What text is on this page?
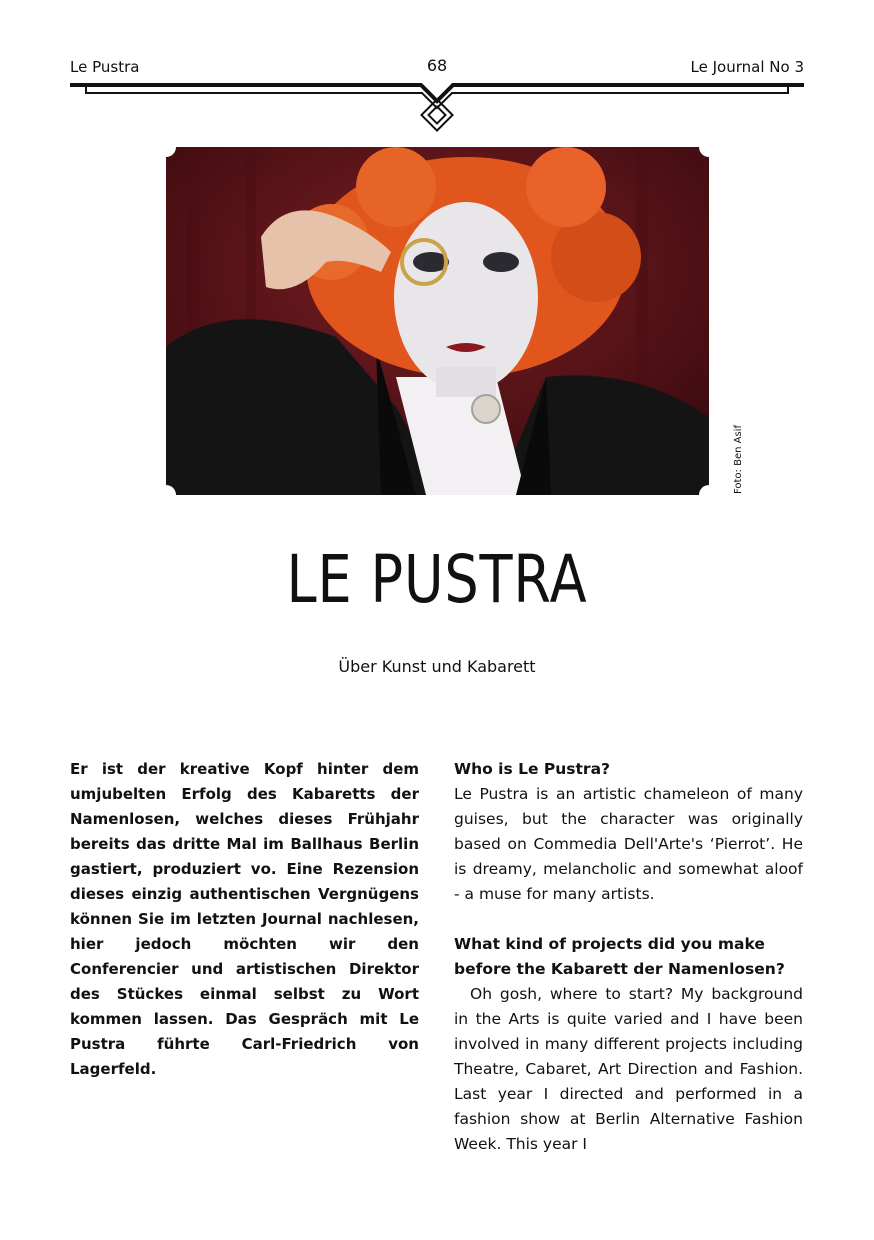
Le Pustra	68	Le Journal No 3
Foto: Ben Asif
LE PUSTRA
Über Kunst und Kabarett
Er ist der kreative Kopf hinter dem umjubelten Erfolg des Kabaretts der Namenlosen, welches dieses Frühjahr bereits das dritte Mal im Ballhaus Berlin gastiert, produziert vo. Eine Rezension dieses einzig authentischen Vergnügens können Sie im letzten Journal nachlesen, hier jedoch möchten wir den Conferencier und artistischen Direktor des Stückes einmal selbst zu Wort kommen lassen. Das Gespräch mit Le Pustra führte Carl-Friedrich von Lagerfeld.
Who is Le Pustra?

Le Pustra is an artistic chameleon of many guises, but the character was originally based on Commedia Dell'Arte's ‘Pierrot’. He is dreamy, melancholic and somewhat aloof - a muse for many artists.

What kind of projects did you make before the Kabarett der Namenlosen?

Oh gosh, where to start? My background in the Arts is quite varied and I have been involved in many different projects including Theatre, Cabaret, Art Direction and Fashion. Last year I directed and performed in a fashion show at Berlin Alternative Fashion Week. This year I
